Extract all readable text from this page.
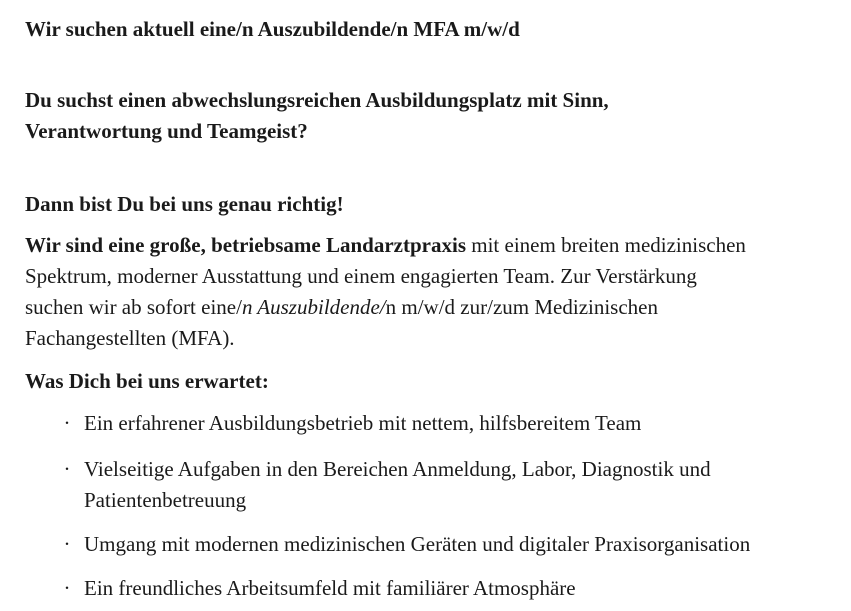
Wir suchen aktuell eine/n Auszubildende/n MFA m/w/d
Du suchst einen abwechslungsreichen Ausbildungsplatz mit Sinn,
Verantwortung und Teamgeist?
Dann bist Du bei uns genau richtig!
Wir sind eine große, betriebsame Landarztpraxis mit einem breiten medizinischen
Spektrum, moderner Ausstattung und einem engagierten Team. Zur Verstärkung
suchen wir ab sofort eine/n Auszubildende/n m/w/d zur/zum Medizinischen
Fachangestellten (MFA).
Was Dich bei uns erwartet:
· Ein erfahrener Ausbildungsbetrieb mit nettem, hilfsbereitem Team
· Vielseitige Aufgaben in den Bereichen Anmeldung, Labor, Diagnostik und
Patientenbetreuung
· Umgang mit modernen medizinischen Geräten und digitaler Praxisorganisation
· Ein freundliches Arbeitsumfeld mit familiärer Atmosphäre
